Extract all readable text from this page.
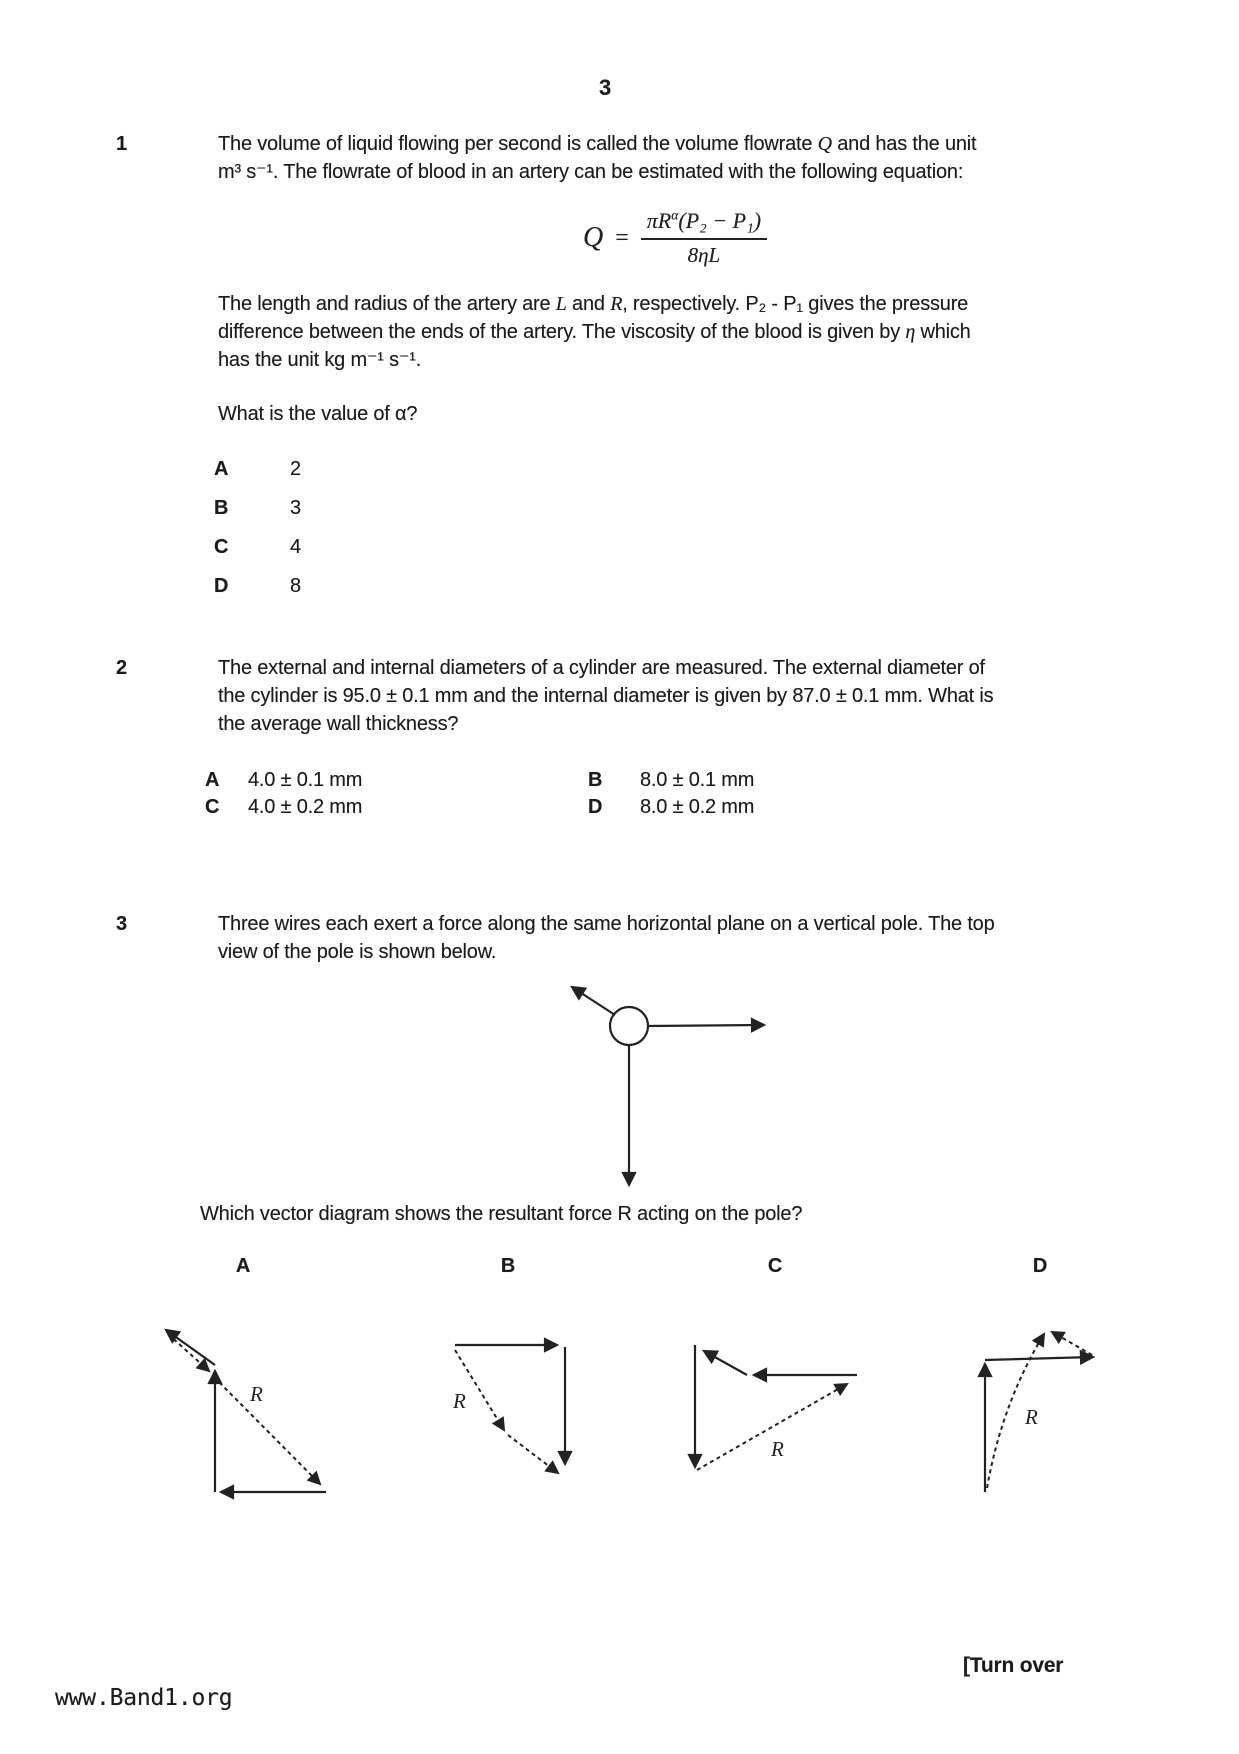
3
1	The volume of liquid flowing per second is called the volume flowrate Q and has the unit
m³ s⁻¹. The flowrate of blood in an artery can be estimated with the following equation:
$Q = \frac{\pi R^\alpha(P_2 - P_1)}{8\eta L}$
The length and radius of the artery are L and R, respectively. P₂ - P₁ gives the pressure
difference between the ends of the artery. The viscosity of the blood is given by η which
has the unit kg m⁻¹ s⁻¹.
What is the value of α?
A	2
B	3
C	4
D	8
2	The external and internal diameters of a cylinder are measured. The external diameter of
the cylinder is 95.0 ± 0.1 mm and the internal diameter is given by 87.0 ± 0.1 mm. What is
the average wall thickness?
A 4.0 ± 0.1 mm	B 8.0 ± 0.1 mm
C 4.0 ± 0.2 mm	D 8.0 ± 0.2 mm
3	Three wires each exert a force along the same horizontal plane on a vertical pole. The top
view of the pole is shown below.
Which vector diagram shows the resultant force R acting on the pole?
A	B	C	D
R	R
R
R
[Turn over
www.Band1.org
